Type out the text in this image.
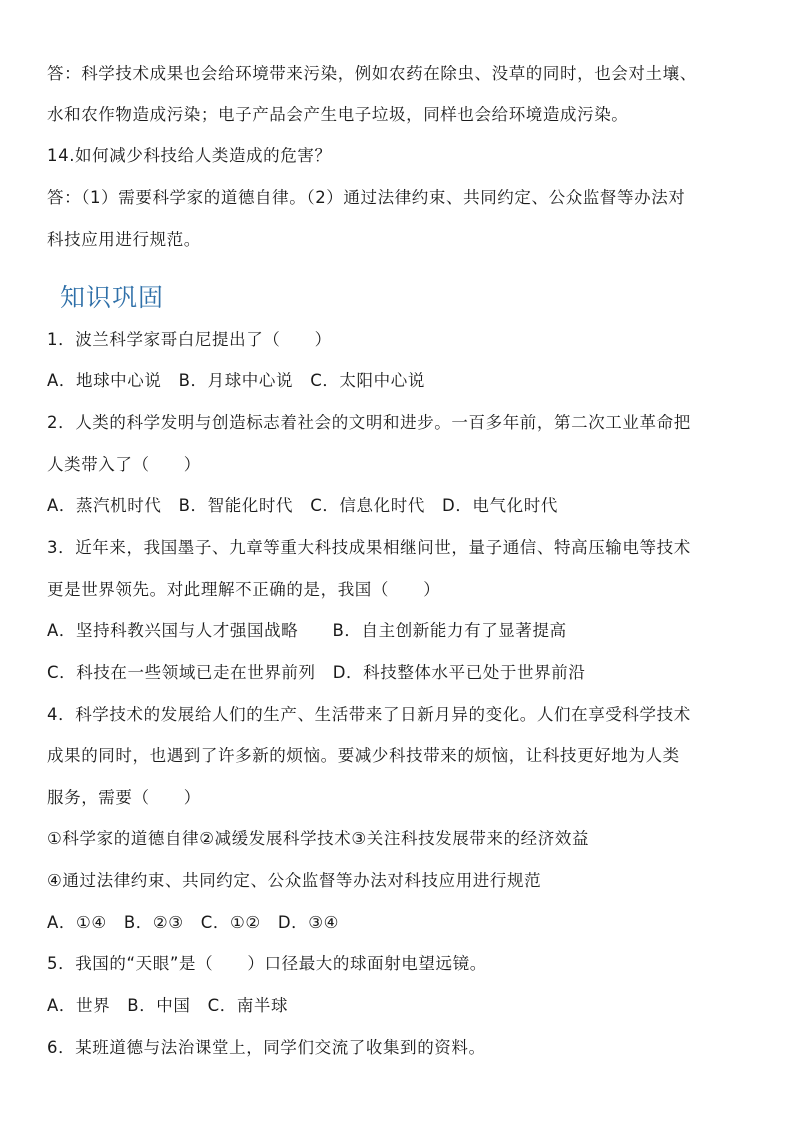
答：科学技术成果也会给环境带来污染，例如农药在除虫、没草的同时，也会对土壤、
水和农作物造成污染；电子产品会产生电子垃圾，同样也会给环境造成污染。
14.如何减少科技给人类造成的危害？
答：（1）需要科学家的道德自律。（2）通过法律约束、共同约定、公众监督等办法对
科技应用进行规范。
知识巩固
1．波兰科学家哥白尼提出了（　　）
A．地球中心说　B．月球中心说　C．太阳中心说
2．人类的科学发明与创造标志着社会的文明和进步。一百多年前，第二次工业革命把
人类带入了（　　）
A．蒸汽机时代　B．智能化时代　C．信息化时代　D．电气化时代
3．近年来，我国墨子、九章等重大科技成果相继问世，量子通信、特高压输电等技术
更是世界领先。对此理解不正确的是，我国（　　）
A．坚持科教兴国与人才强国战略　　B．自主创新能力有了显著提高
C．科技在一些领域已走在世界前列　D．科技整体水平已处于世界前沿
4．科学技术的发展给人们的生产、生活带来了日新月异的变化。人们在享受科学技术
成果的同时，也遇到了许多新的烦恼。要减少科技带来的烦恼，让科技更好地为人类
服务，需要（　　）
①科学家的道德自律②减缓发展科学技术③关注科技发展带来的经济效益
④通过法律约束、共同约定、公众监督等办法对科技应用进行规范
A．①④　B．②③　C．①②　D．③④
5．我国的“天眼”是（　　）口径最大的球面射电望远镜。
A．世界　B．中国　C．南半球
6．某班道德与法治课堂上，同学们交流了收集到的资料。
